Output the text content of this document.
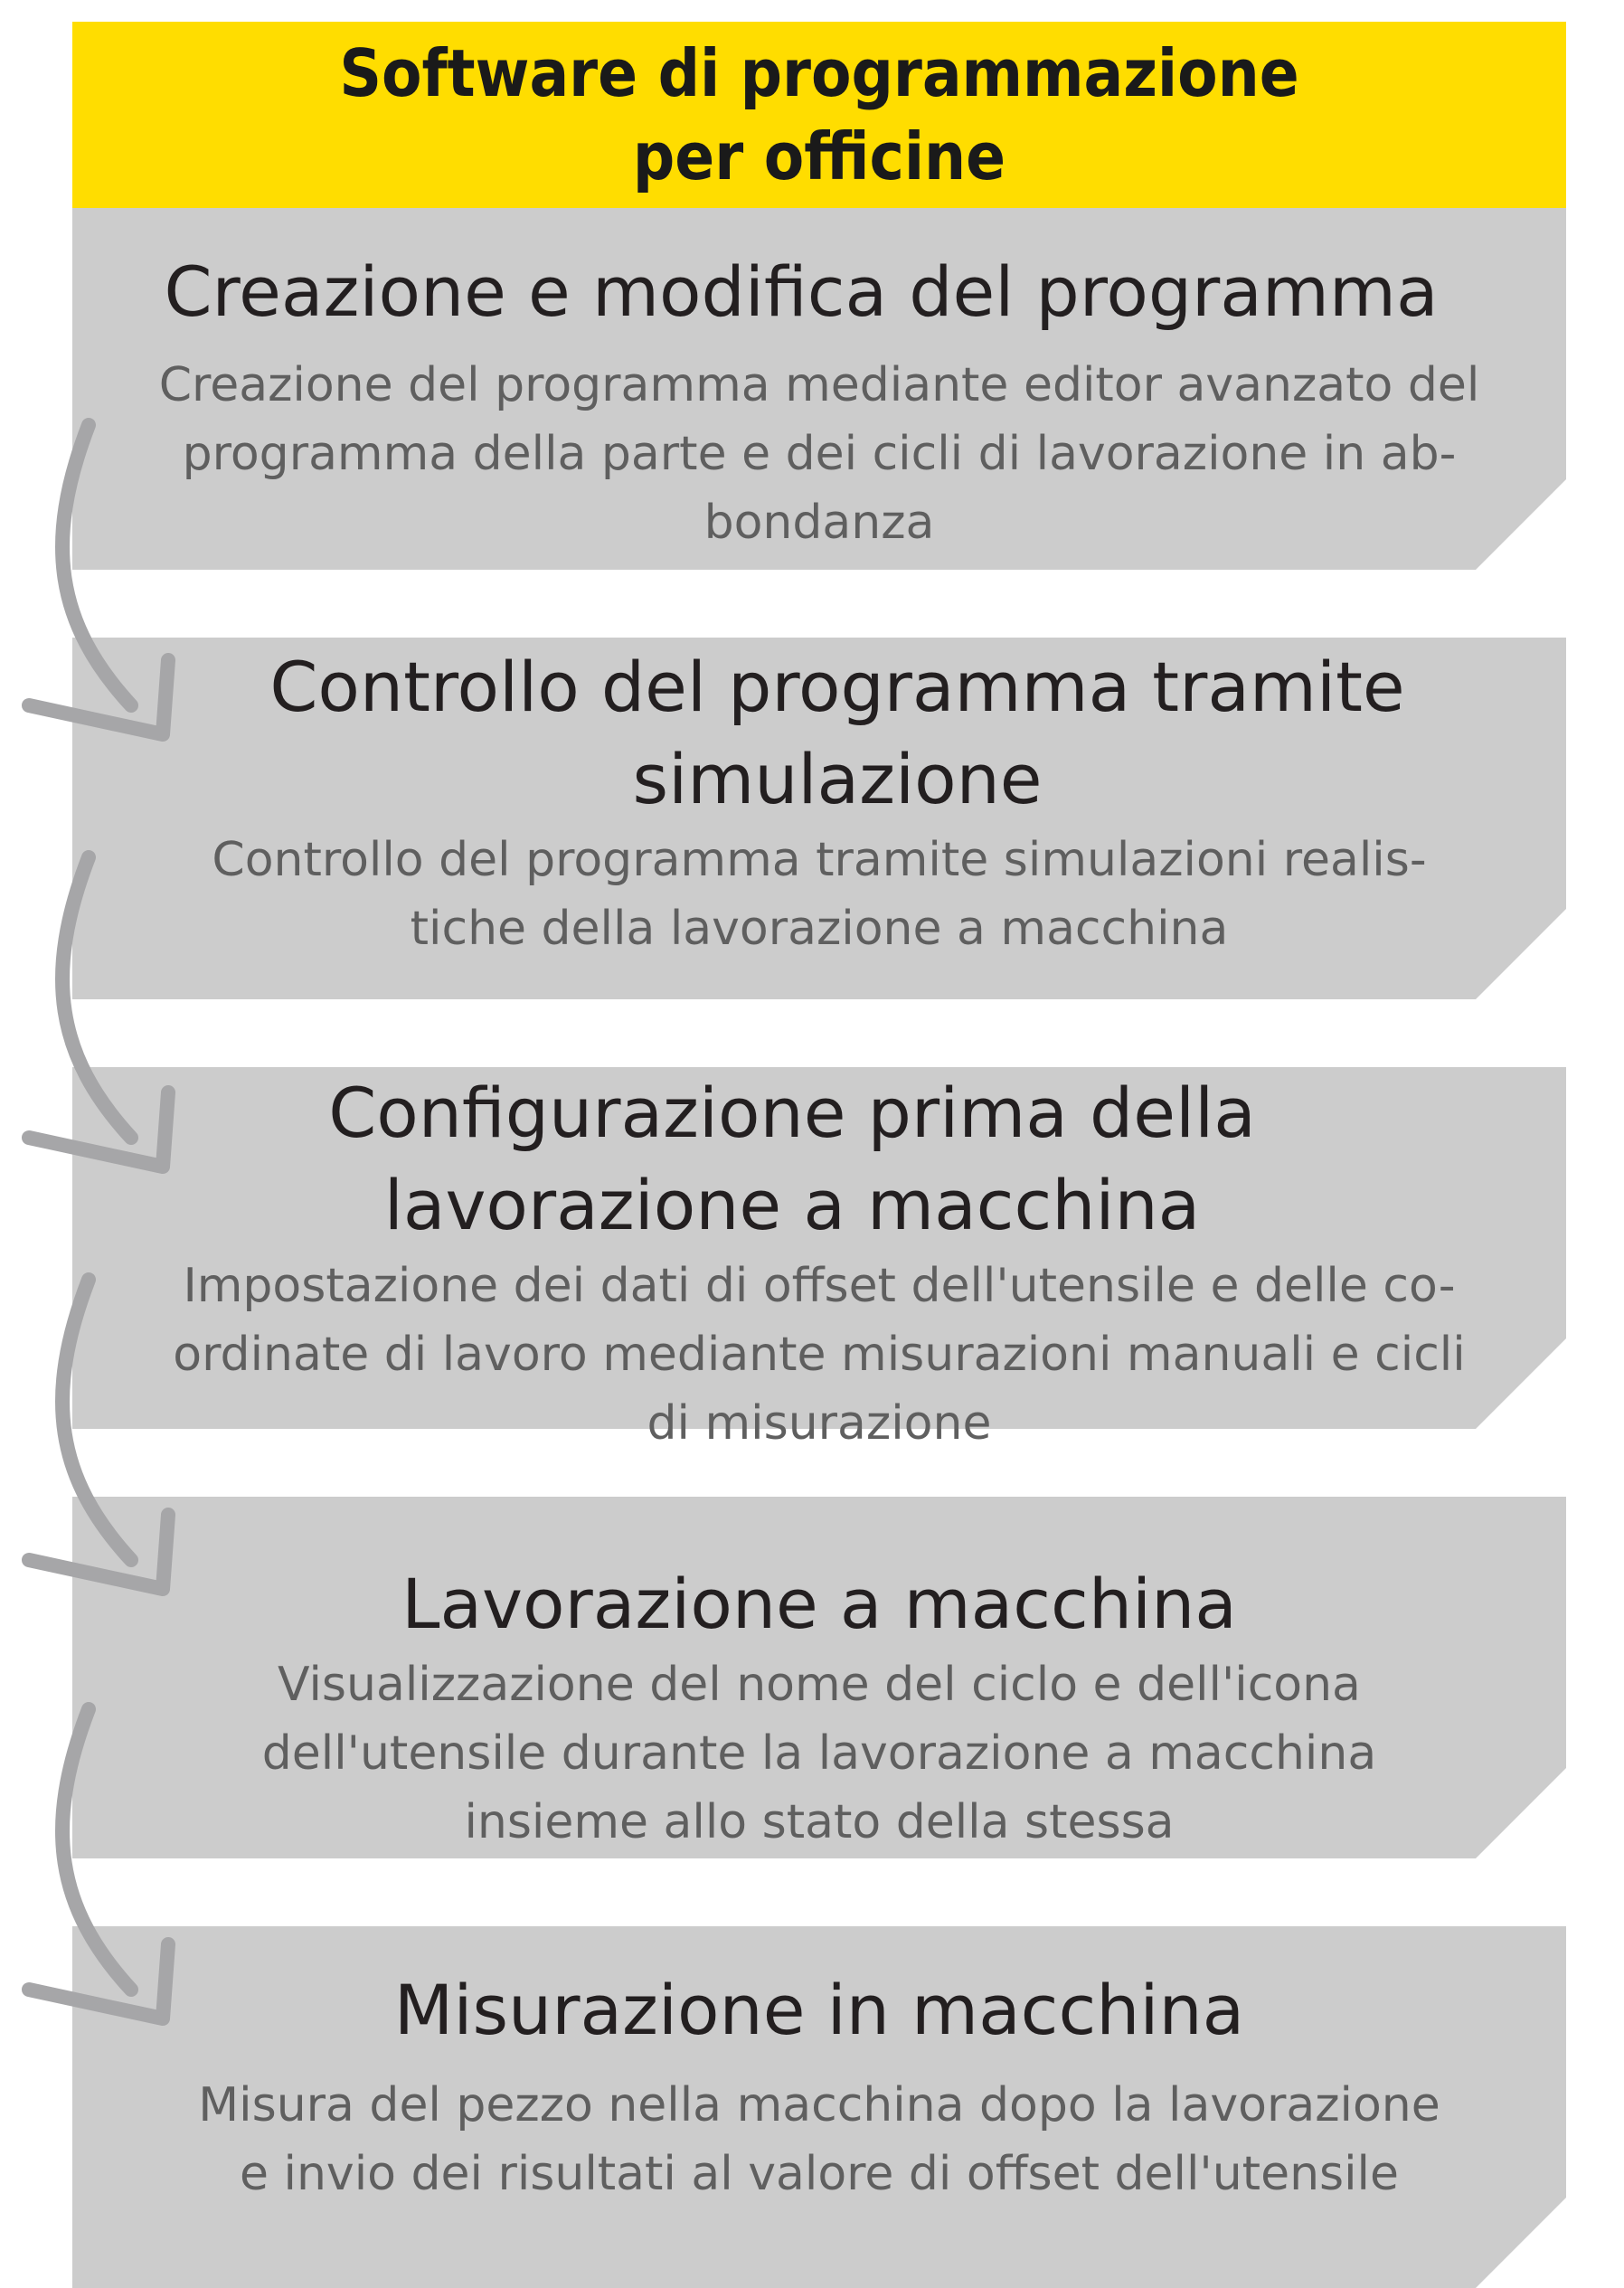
Software di programmazione
per officine
Creazione e modifica del programma
Creazione del programma mediante editor avanzato del
programma della parte e dei cicli di lavorazione in ab-
bondanza
Controllo del programma tramite
simulazione
Controllo del programma tramite simulazioni realis-
tiche della lavorazione a macchina
Configurazione prima della
lavorazione a macchina
Impostazione dei dati di offset dell'utensile e delle co-
ordinate di lavoro mediante misurazioni manuali e cicli
di misurazione
Lavorazione a macchina
Visualizzazione del nome del ciclo e dell'icona
dell'utensile durante la lavorazione a macchina
insieme allo stato della stessa
Misurazione in macchina
Misura del pezzo nella macchina dopo la lavorazione
e invio dei risultati al valore di offset dell'utensile
